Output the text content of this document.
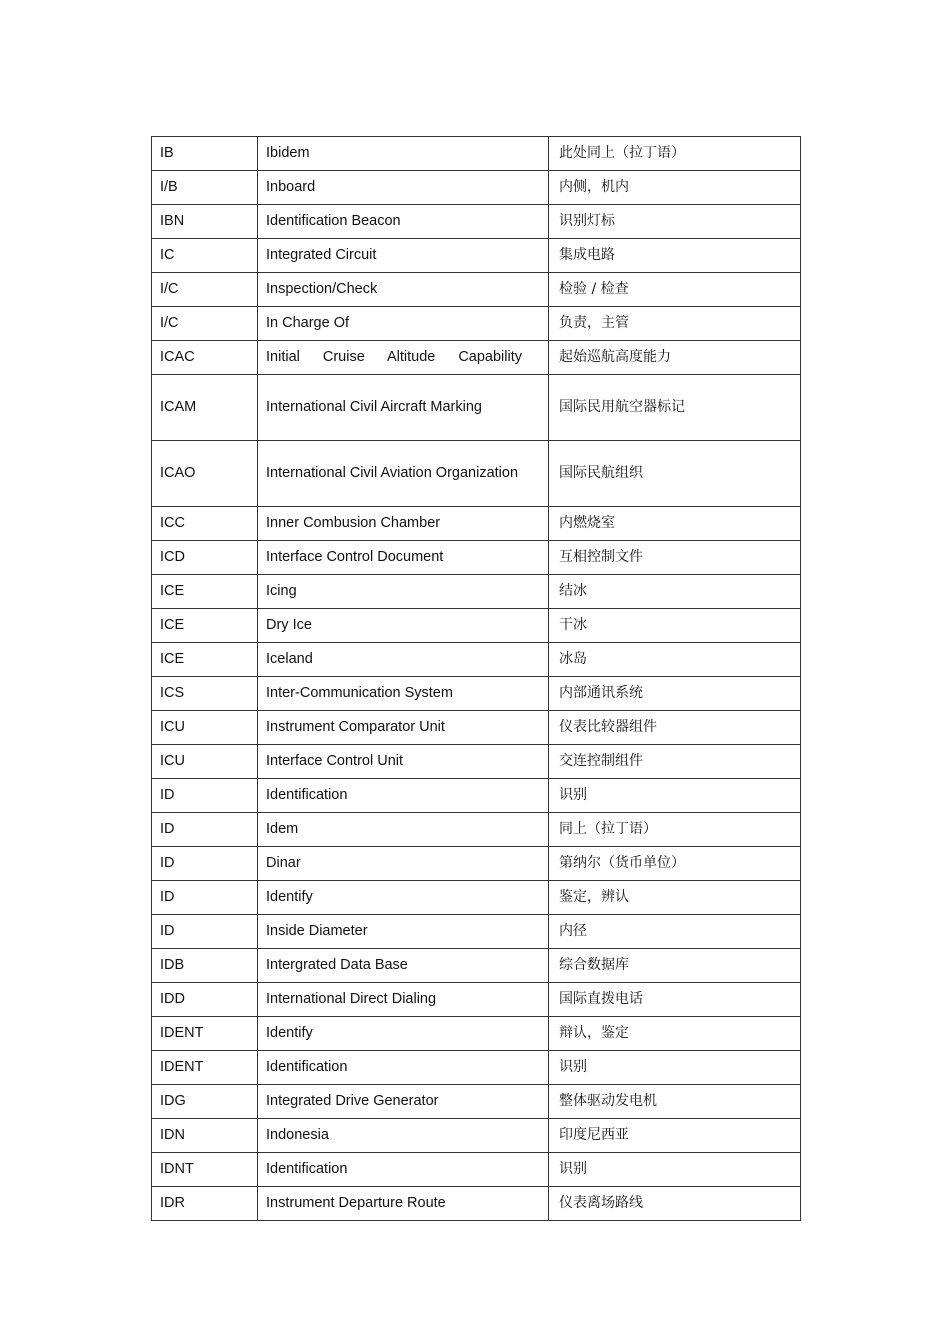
IB	Ibidem	此处同上（拉丁语）
I/B	Inboard	内侧，机内
IBN	Identification Beacon	识别灯标
IC	Integrated Circuit	集成电路
I/C	Inspection/Check	检验 / 检查
I/C	In Charge Of	负责，主管
ICAC	Initial Cruise Altitude Capability	起始巡航高度能力
ICAM	International Civil Aircraft Marking	国际民用航空器标记
ICAO	International Civil Aviation Organization	国际民航组织
ICC	Inner Combusion Chamber	内燃烧室
ICD	Interface Control Document	互相控制文件
ICE	Icing	结冰
ICE	Dry Ice	干冰
ICE	Iceland	冰岛
ICS	Inter-Communication System	内部通讯系统
ICU	Instrument Comparator Unit	仪表比较器组件
ICU	Interface Control Unit	交连控制组件
ID	Identification	识别
ID	Idem	同上（拉丁语）
ID	Dinar	第纳尔（货币单位）
ID	Identify	鉴定，辨认
ID	Inside Diameter	内径
IDB	Intergrated Data Base	综合数据库
IDD	International Direct Dialing	国际直拨电话
IDENT	Identify	辩认，鉴定
IDENT	Identification	识别
IDG	Integrated Drive Generator	整体驱动发电机
IDN	Indonesia	印度尼西亚
IDNT	Identification	识别
IDR	Instrument Departure Route	仪表离场路线
